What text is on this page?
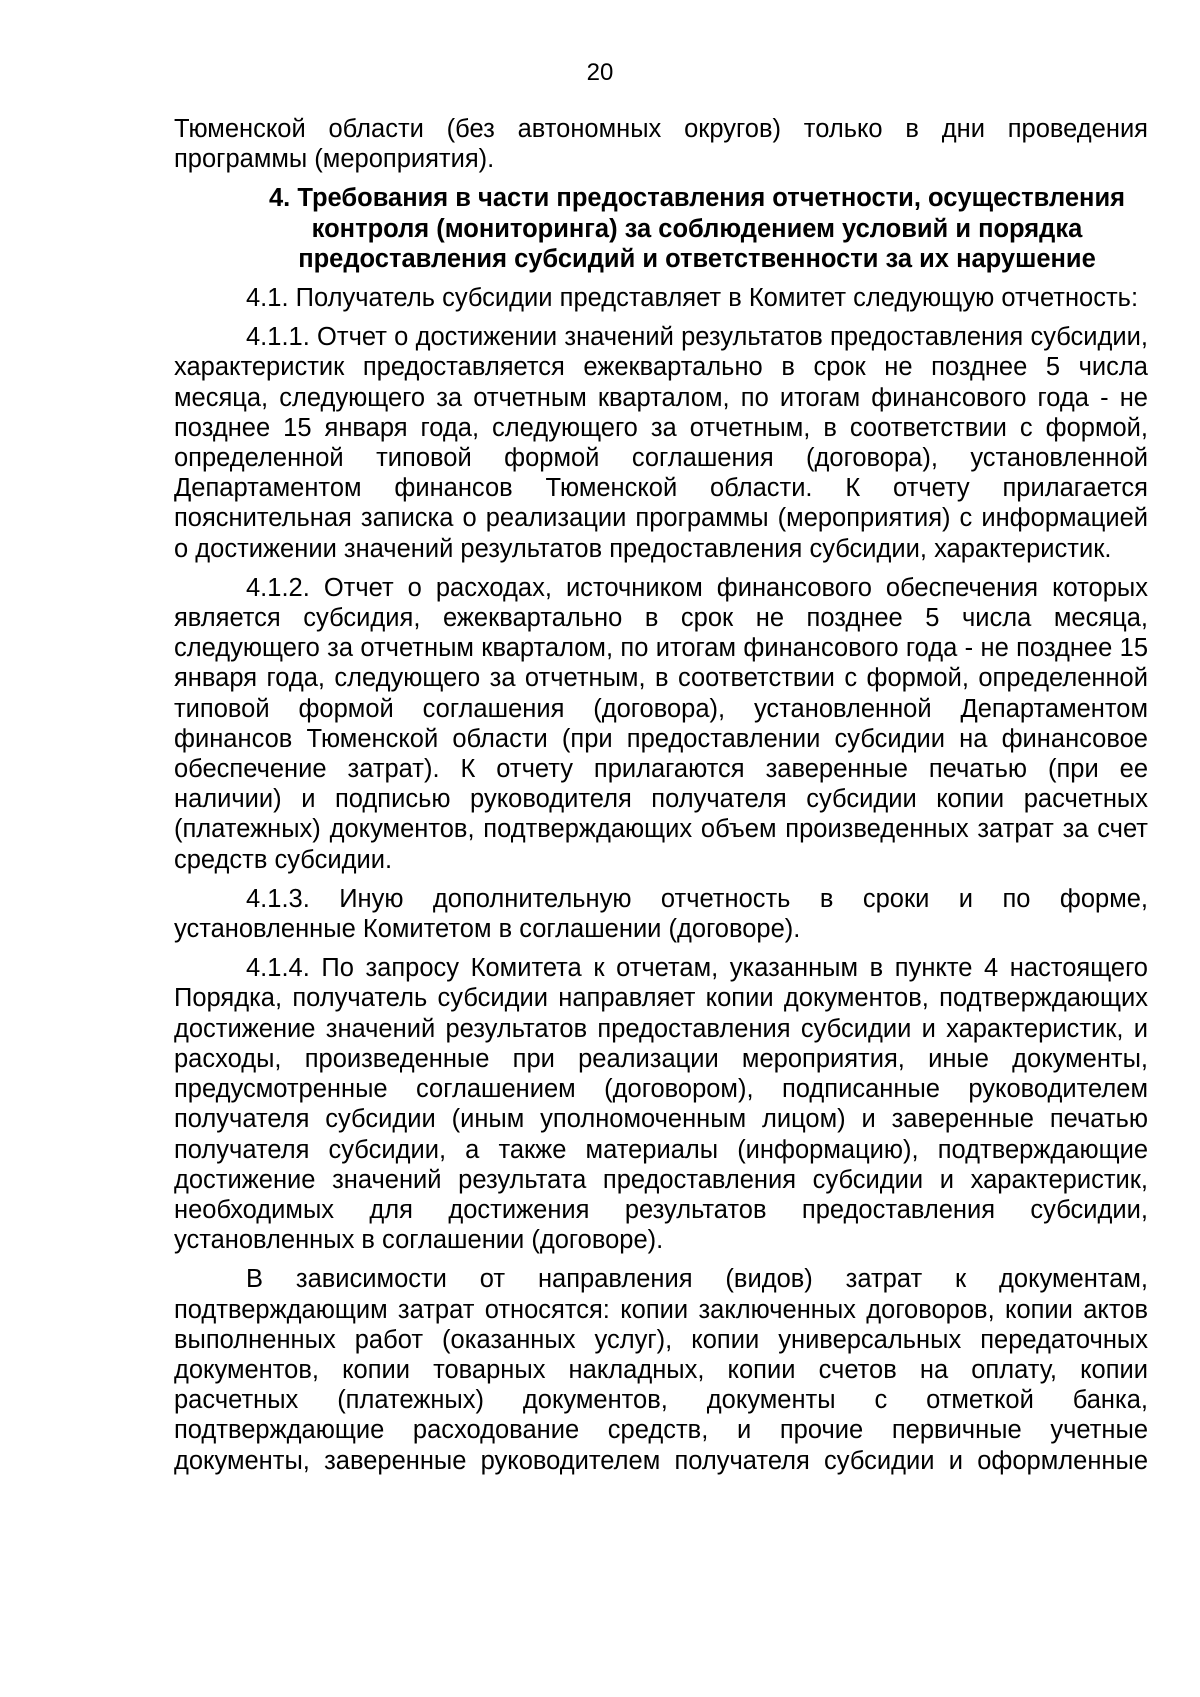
20

Тюменской области (без автономных округов) только в дни проведения программы (мероприятия).

4. Требования в части предоставления отчетности, осуществления контроля (мониторинга) за соблюдением условий и порядка предоставления субсидий и ответственности за их нарушение

4.1. Получатель субсидии представляет в Комитет следующую отчетность:

4.1.1. Отчет о достижении значений результатов предоставления субсидии, характеристик предоставляется ежеквартально в срок не позднее 5 числа месяца, следующего за отчетным кварталом, по итогам финансового года - не позднее 15 января года, следующего за отчетным, в соответствии с формой, определенной типовой формой соглашения (договора), установленной Департаментом финансов Тюменской области. К отчету прилагается пояснительная записка о реализации программы (мероприятия) с информацией о достижении значений результатов предоставления субсидии, характеристик.

4.1.2. Отчет о расходах, источником финансового обеспечения которых является субсидия, ежеквартально в срок не позднее 5 числа месяца, следующего за отчетным кварталом, по итогам финансового года - не позднее 15 января года, следующего за отчетным, в соответствии с формой, определенной типовой формой соглашения (договора), установленной Департаментом финансов Тюменской области (при предоставлении субсидии на финансовое обеспечение затрат). К отчету прилагаются заверенные печатью (при ее наличии) и подписью руководителя получателя субсидии копии расчетных (платежных) документов, подтверждающих объем произведенных затрат за счет средств субсидии.

4.1.3. Иную дополнительную отчетность в сроки и по форме, установленные Комитетом в соглашении (договоре).

4.1.4. По запросу Комитета к отчетам, указанным в пункте 4 настоящего Порядка, получатель субсидии направляет копии документов, подтверждающих достижение значений результатов предоставления субсидии и характеристик, и расходы, произведенные при реализации мероприятия, иные документы, предусмотренные соглашением (договором), подписанные руководителем получателя субсидии (иным уполномоченным лицом) и заверенные печатью получателя субсидии, а также материалы (информацию), подтверждающие достижение значений результата предоставления субсидии и характеристик, необходимых для достижения результатов предоставления субсидии, установленных в соглашении (договоре).

В зависимости от направления (видов) затрат к документам, подтверждающим затрат относятся: копии заключенных договоров, копии актов выполненных работ (оказанных услуг), копии универсальных передаточных документов, копии товарных накладных, копии счетов на оплату, копии расчетных (платежных) документов, документы с отметкой банка, подтверждающие расходование средств, и прочие первичные учетные документы, заверенные руководителем получателя субсидии и оформленные
